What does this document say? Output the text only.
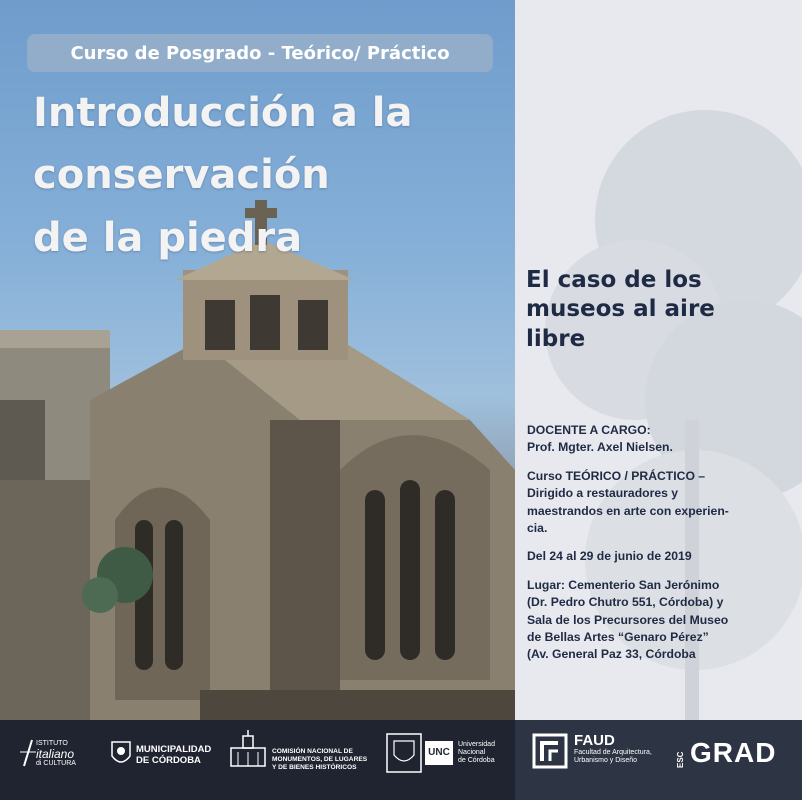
Curso de Posgrado - Teórico/ Práctico
Introducción a la
conservación
de la piedra
El caso de los
museos al aire
libre

DOCENTE A CARGO:
Prof. Mgter. Axel Nielsen.

Curso TEÓRICO / PRÁCTICO –
Dirigido a restauradores y
maestrandos en arte con experien-
cia.

Del 24 al 29 de junio de 2019

Lugar: Cementerio San Jerónimo
(Dr. Pedro Chutro 551, Córdoba) y
Sala de los Precursores del Museo
de Bellas Artes “Genaro Pérez”
(Av. General Paz 33, Córdoba

ISTITUTO
italiano
di CULTURA
MUNICIPALIDAD
DE CÓRDOBA
COMISIÓN NACIONAL DE
MONUMENTOS, DE LUGARES
Y DE BIENES HISTÓRICOS
UNC
Universidad
Nacional
de Córdoba
FAUD
Facultad de Arquitectura,
Urbanismo y Diseño	ESC GRAD
